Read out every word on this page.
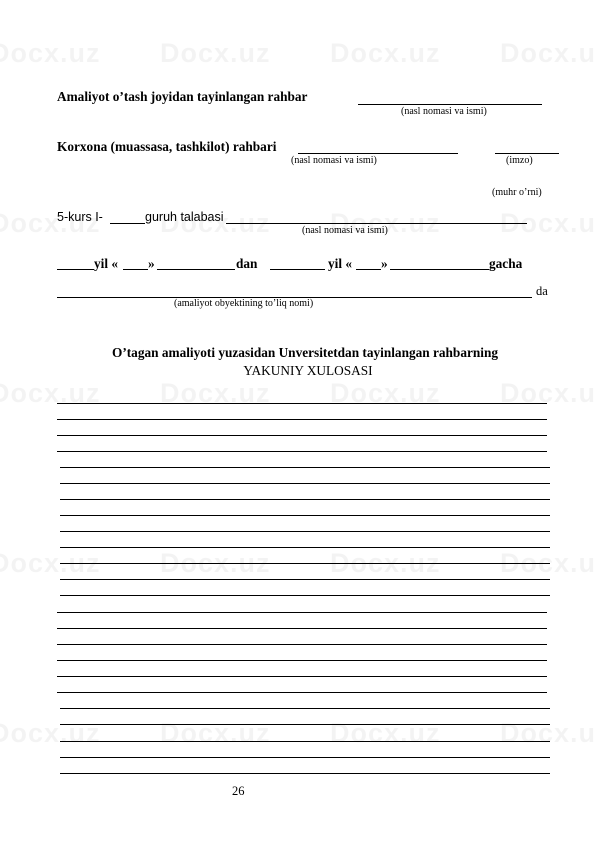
Amaliyot o’tash joyidan tayinlangan rahbar
(nasl nomasi va ismi)
Korxona (muassasa, tashkilot) rahbari
(nasl nomasi va ismi)	(imzo)
(muhr o’rni)
5-kurs I-	guruh talabasi
(nasl nomasi va ismi)
yil « »	dan	yil « »	gacha
da
(amaliyot obyektining to’liq nomi)
O’tagan amaliyoti yuzasidan Unversitetdan tayinlangan rahbarning
YAKUNIY XULOSASI
26
